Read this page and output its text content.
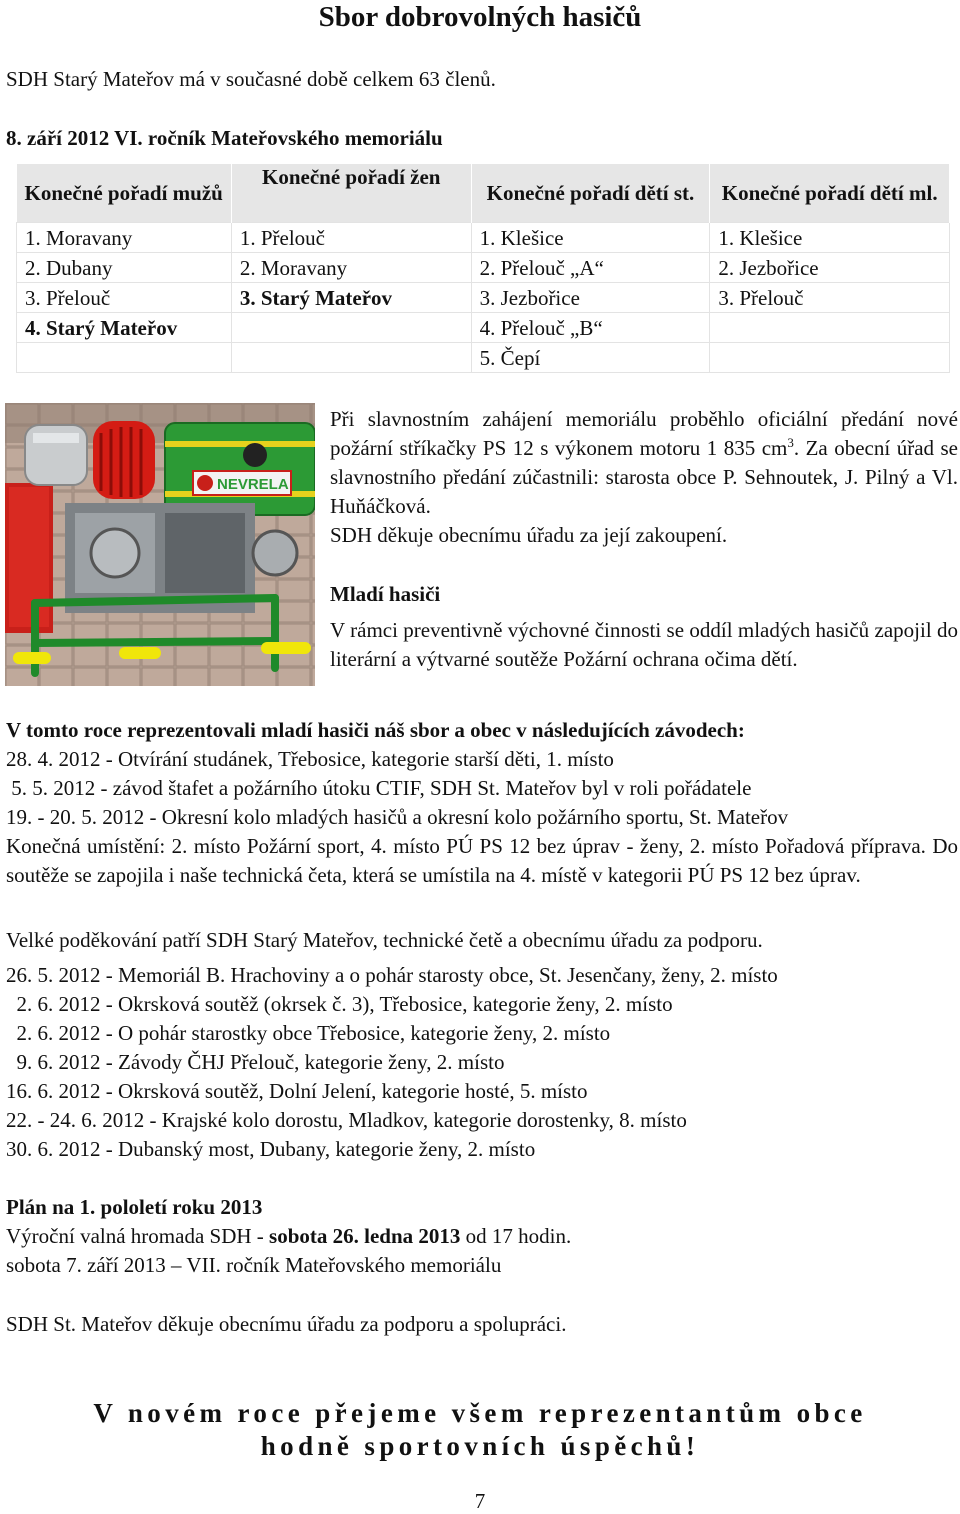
Sbor dobrovolných hasičů
SDH Starý Mateřov má v současné době celkem 63 členů.
8. září 2012 VI. ročník Mateřovského memoriálu
Konečné pořadí mužů	Konečné pořadí žen	Konečné pořadí dětí st.	Konečné pořadí dětí ml.
1. Moravany	1. Přelouč	1. Klešice	1. Klešice
2. Dubany	2. Moravany	2. Přelouč „A“	2. Jezbořice
3. Přelouč	3. Starý Mateřov	3. Jezbořice	3. Přelouč
4. Starý Mateřov		4. Přelouč „B“	
		5. Čepí	
NEVRELA
Při slavnostním zahájení memoriálu proběhlo oficiální předání nové požární stříkačky PS 12 s výkonem motoru 1 835 $cm^3$. Za obecní úřad se slavnostního předání zúčastnili: starosta obce P. Sehnoutek, J. Pilný a Vl. Huňáčková.
SDH děkuje obecnímu úřadu za její zakoupení.
Mladí hasiči
V rámci preventivně výchovné činnosti se oddíl mladých hasičů zapojil do literární a výtvarné soutěže Požární ochrana očima dětí.
V tomto roce reprezentovali mladí hasiči náš sbor a obec v následujících závodech:
28. 4. 2012 - Otvírání studánek, Třebosice, kategorie starší děti, 1. místo
5. 5. 2012 - závod štafet a požárního útoku CTIF, SDH St. Mateřov byl v roli pořádatele
19. - 20. 5. 2012 - Okresní kolo mladých hasičů a okresní kolo požárního sportu, St. Mateřov
Konečná umístění: 2. místo Požární sport, 4. místo PÚ PS 12 bez úprav - ženy, 2. místo Pořadová příprava. Do soutěže se zapojila i naše technická četa, která se umístila na 4. místě v kategorii PÚ PS 12 bez úprav.
Velké poděkování patří SDH Starý Mateřov, technické četě a obecnímu úřadu za podporu.
26. 5. 2012 - Memoriál B. Hrachoviny a o pohár starosty obce, St. Jesenčany, ženy, 2. místo
2. 6. 2012 - Okrsková soutěž (okrsek č. 3), Třebosice, kategorie ženy, 2. místo
2. 6. 2012 - O pohár starostky obce Třebosice, kategorie ženy, 2. místo
9. 6. 2012 - Závody ČHJ Přelouč, kategorie ženy, 2. místo
16. 6. 2012 - Okrsková soutěž, Dolní Jelení, kategorie hosté, 5. místo
22. - 24. 6. 2012 - Krajské kolo dorostu, Mladkov, kategorie dorostenky, 8. místo
30. 6. 2012 - Dubanský most, Dubany, kategorie ženy, 2. místo
Plán na 1. pololetí roku 2013
Výroční valná hromada SDH - sobota 26. ledna 2013 od 17 hodin.
sobota 7. září 2013 – VII. ročník Mateřovského memoriálu
SDH St. Mateřov děkuje obecnímu úřadu za podporu a spolupráci.
V novém roce přejeme všem reprezentantům obce
hodně sportovních úspěchů!
7
